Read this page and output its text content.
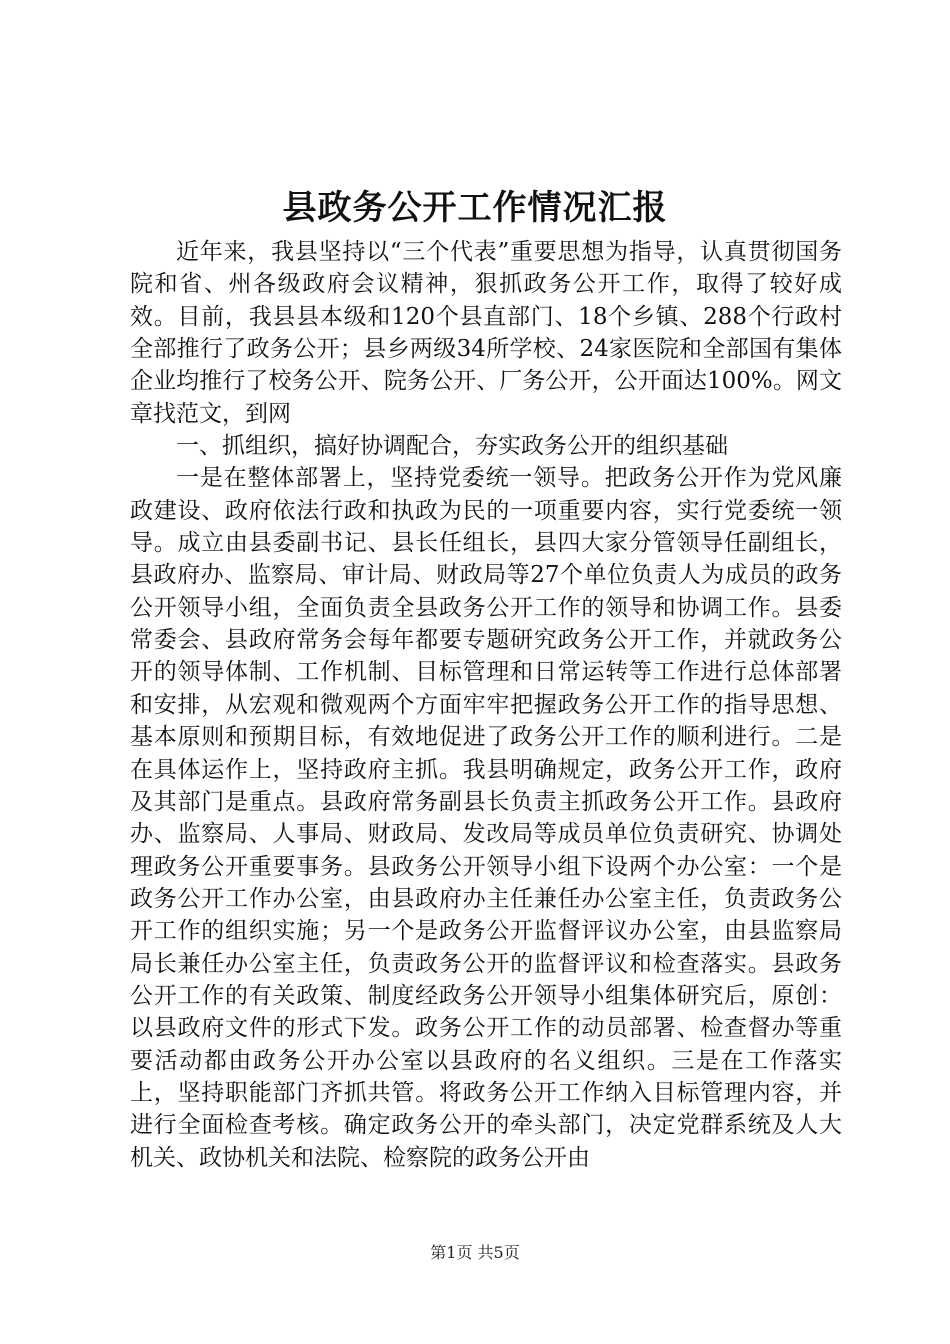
县政务公开工作情况汇报

近年来，我县坚持以“三个代表”重要思想为指导，认真贯彻国务院和省、州各级政府会议精神，狠抓政务公开工作，取得了较好成效。目前，我县县本级和120个县直部门、18个乡镇、288个行政村全部推行了政务公开；县乡两级34所学校、24家医院和全部国有集体企业均推行了校务公开、院务公开、厂务公开，公开面达100%。网文章找范文，到网

一、抓组织，搞好协调配合，夯实政务公开的组织基础

一是在整体部署上，坚持党委统一领导。把政务公开作为党风廉政建设、政府依法行政和执政为民的一项重要内容，实行党委统一领导。成立由县委副书记、县长任组长，县四大家分管领导任副组长，县政府办、监察局、审计局、财政局等27个单位负责人为成员的政务公开领导小组，全面负责全县政务公开工作的领导和协调工作。县委常委会、县政府常务会每年都要专题研究政务公开工作，并就政务公开的领导体制、工作机制、目标管理和日常运转等工作进行总体部署和安排，从宏观和微观两个方面牢牢把握政务公开工作的指导思想、基本原则和预期目标，有效地促进了政务公开工作的顺利进行。二是在具体运作上，坚持政府主抓。我县明确规定，政务公开工作，政府及其部门是重点。县政府常务副县长负责主抓政务公开工作。县政府办、监察局、人事局、财政局、发改局等成员单位负责研究、协调处理政务公开重要事务。县政务公开领导小组下设两个办公室：一个是政务公开工作办公室，由县政府办主任兼任办公室主任，负责政务公开工作的组织实施；另一个是政务公开监督评议办公室，由县监察局局长兼任办公室主任，负责政务公开的监督评议和检查落实。县政务公开工作的有关政策、制度经政务公开领导小组集体研究后，原创：以县政府文件的形式下发。政务公开工作的动员部署、检查督办等重要活动都由政务公开办公室以县政府的名义组织。三是在工作落实上，坚持职能部门齐抓共管。将政务公开工作纳入目标管理内容，并进行全面检查考核。确定政务公开的牵头部门，决定党群系统及人大机关、政协机关和法院、检察院的政务公开由

第1页 共5页
